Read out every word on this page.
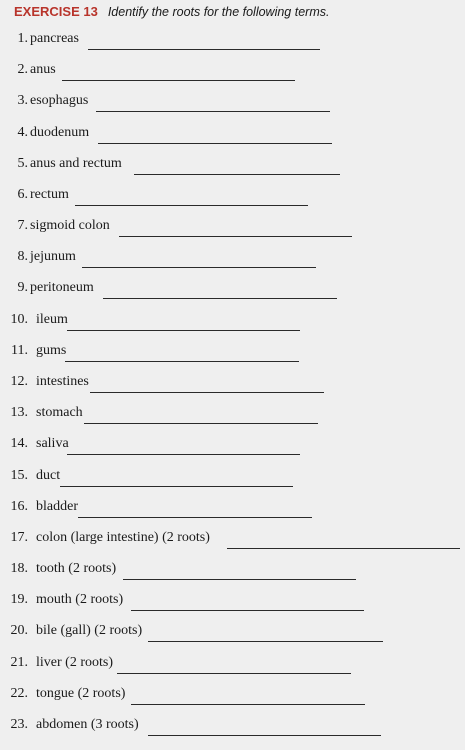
EXERCISE 13 Identify the roots for the following terms.
1. pancreas
2. anus
3. esophagus
4. duodenum
5. anus and rectum
6. rectum
7. sigmoid colon
8. jejunum
9. peritoneum
10. ileum
11. gums
12. intestines
13. stomach
14. saliva
15. duct
16. bladder
17. colon (large intestine) (2 roots)
18. tooth (2 roots)
19. mouth (2 roots)
20. bile (gall) (2 roots)
21. liver (2 roots)
22. tongue (2 roots)
23. abdomen (3 roots)
